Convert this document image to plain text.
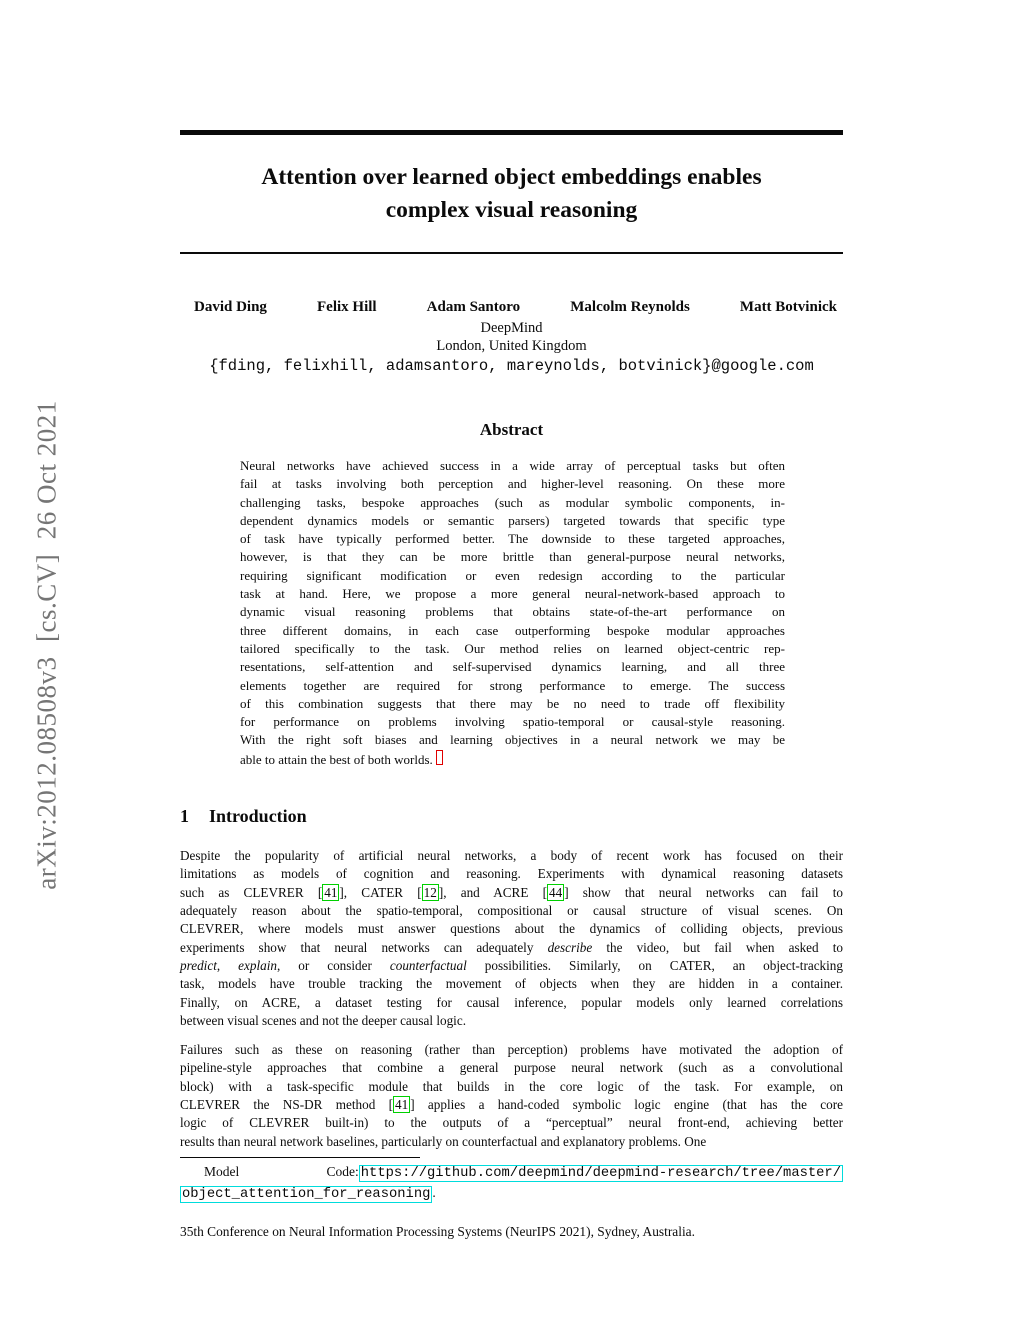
arXiv:2012.08508v3  [cs.CV]  26 Oct 2021
Attention over learned object embeddings enables
complex visual reasoning
David Ding	Felix Hill	Adam Santoro	Malcolm Reynolds	Matt Botvinick
DeepMind
London, United Kingdom
{fding, felixhill, adamsantoro, mareynolds, botvinick}@google.com
Abstract
Neural networks have achieved success in a wide array of perceptual tasks but often
fail at tasks involving both perception and higher-level reasoning. On these more
challenging tasks, bespoke approaches (such as modular symbolic components, in-
dependent dynamics models or semantic parsers) targeted towards that specific type
of task have typically performed better. The downside to these targeted approaches,
however, is that they can be more brittle than general-purpose neural networks,
requiring significant modification or even redesign according to the particular
task at hand. Here, we propose a more general neural-network-based approach to
dynamic visual reasoning problems that obtains state-of-the-art performance on
three different domains, in each case outperforming bespoke modular approaches
tailored specifically to the task. Our method relies on learned object-centric rep-
resentations, self-attention and self-supervised dynamics learning, and all three
elements together are required for strong performance to emerge. The success
of this combination suggests that there may be no need to trade off flexibility
for performance on problems involving spatio-temporal or causal-style reasoning.
With the right soft biases and learning objectives in a neural network we may be
able to attain the best of both worlds.
1 Introduction
Despite the popularity of artificial neural networks, a body of recent work has focused on their
limitations as models of cognition and reasoning. Experiments with dynamical reasoning datasets
such as CLEVRER [ 41 ], CATER [ 12 ], and ACRE [ 44 ] show that neural networks can fail to
adequately reason about the spatio-temporal, compositional or causal structure of visual scenes. On
CLEVRER, where models must answer questions about the dynamics of colliding objects, previous
experiments show that neural networks can adequately describe the video, but fail when asked to
predict, explain, or consider counterfactual possibilities. Similarly, on CATER, an object-tracking
task, models have trouble tracking the movement of objects when they are hidden in a container.
Finally, on ACRE, a dataset testing for causal inference, popular models only learned correlations
between visual scenes and not the deeper causal logic.
Failures such as these on reasoning (rather than perception) problems have motivated the adoption of
pipeline-style approaches that combine a general purpose neural network (such as a convolutional
block) with a task-specific module that builds in the core logic of the task. For example, on
CLEVRER the NS-DR method [ 41 ] applies a hand-coded symbolic logic engine (that has the core
logic of CLEVRER built-in) to the outputs of a “perceptual” neural front-end, achieving better
results than neural network baselines, particularly on counterfactual and explanatory problems. One
Model Code: https://github.com/deepmind/deepmind-research/tree/master/
object_attention_for_reasoning .
35th Conference on Neural Information Processing Systems (NeurIPS 2021), Sydney, Australia.
